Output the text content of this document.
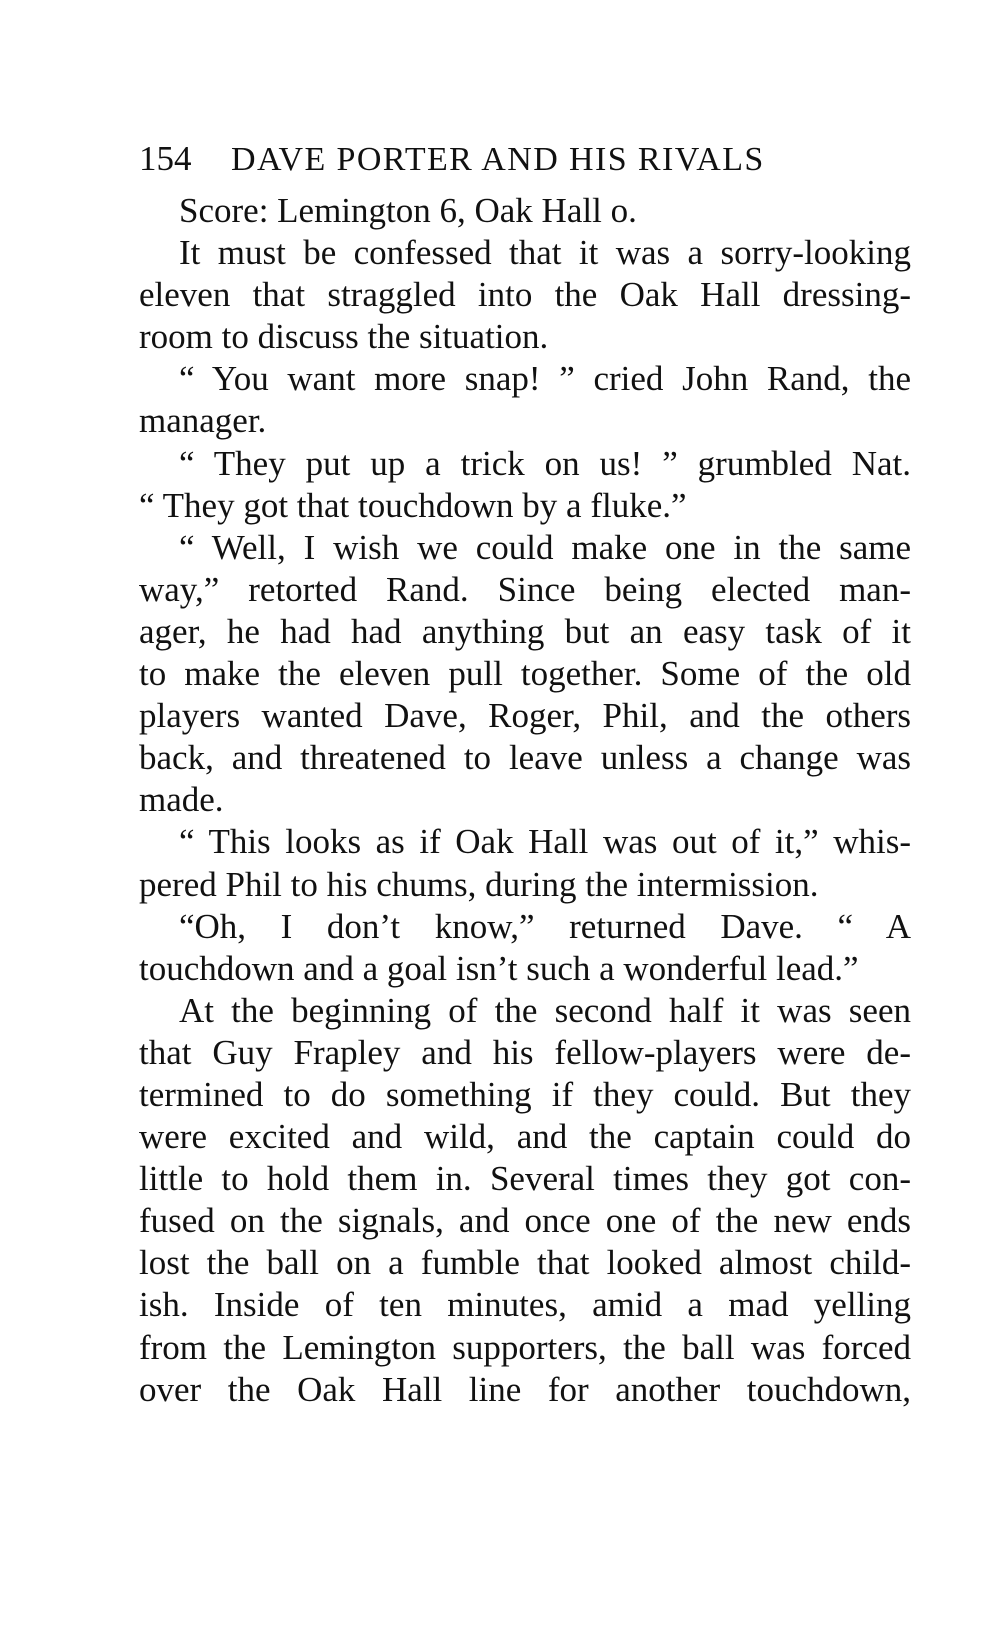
154	DAVE PORTER AND HIS RIVALS
Score: Lemington 6, Oak Hall o.
It must be confessed that it was a sorry-looking
eleven that straggled into the Oak Hall dressing-
room to discuss the situation.
“ You want more snap! ” cried John Rand, the
manager.
“ They put up a trick on us! ” grumbled Nat.
“ They got that touchdown by a fluke.”
“ Well, I wish we could make one in the same
way,” retorted Rand. Since being elected man-
ager, he had had anything but an easy task of it
to make the eleven pull together. Some of the old
players wanted Dave, Roger, Phil, and the others
back, and threatened to leave unless a change was
made.
“ This looks as if Oak Hall was out of it,” whis-
pered Phil to his chums, during the intermission.
“Oh, I don’t know,” returned Dave. “ A
touchdown and a goal isn’t such a wonderful lead.”
At the beginning of the second half it was seen
that Guy Frapley and his fellow-players were de-
termined to do something if they could. But they
were excited and wild, and the captain could do
little to hold them in. Several times they got con-
fused on the signals, and once one of the new ends
lost the ball on a fumble that looked almost child-
ish. Inside of ten minutes, amid a mad yelling
from the Lemington supporters, the ball was forced
over the Oak Hall line for another touchdown,
